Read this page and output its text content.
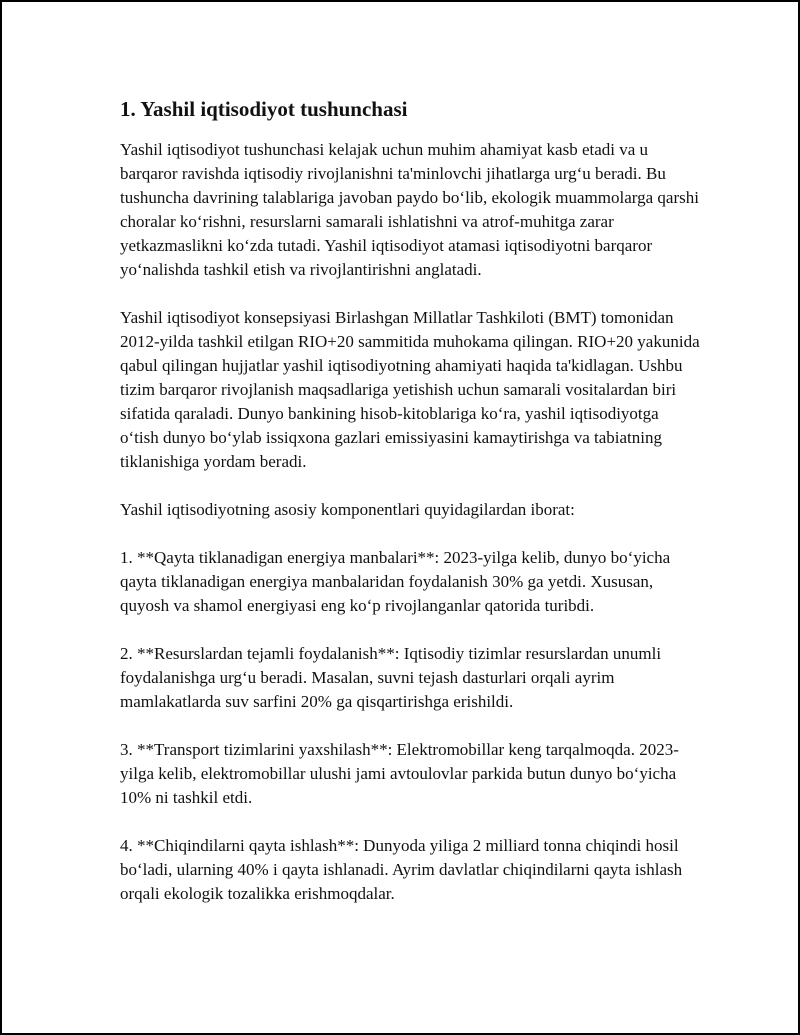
1. Yashil iqtisodiyot tushunchasi

Yashil iqtisodiyot tushunchasi kelajak uchun muhim ahamiyat kasb etadi va u barqaror ravishda iqtisodiy rivojlanishni ta'minlovchi jihatlarga urg‘u beradi. Bu tushuncha davrining talablariga javoban paydo bo‘lib, ekologik muammolarga qarshi choralar ko‘rishni, resurslarni samarali ishlatishni va atrof-muhitga zarar yetkazmaslikni ko‘zda tutadi. Yashil iqtisodiyot atamasi iqtisodiyotni barqaror yo‘nalishda tashkil etish va rivojlantirishni anglatadi.

Yashil iqtisodiyot konsepsiyasi Birlashgan Millatlar Tashkiloti (BMT) tomonidan 2012-yilda tashkil etilgan RIO+20 sammitida muhokama qilingan. RIO+20 yakunida qabul qilingan hujjatlar yashil iqtisodiyotning ahamiyati haqida ta'kidlagan. Ushbu tizim barqaror rivojlanish maqsadlariga yetishish uchun samarali vositalardan biri sifatida qaraladi. Dunyo bankining hisob-kitoblariga ko‘ra, yashil iqtisodiyotga o‘tish dunyo bo‘ylab issiqxona gazlari emissiyasini kamaytirishga va tabiatning tiklanishiga yordam beradi.

Yashil iqtisodiyotning asosiy komponentlari quyidagilardan iborat:

1. **Qayta tiklanadigan energiya manbalari**: 2023-yilga kelib, dunyo bo‘yicha qayta tiklanadigan energiya manbalaridan foydalanish 30% ga yetdi. Xususan, quyosh va shamol energiyasi eng ko‘p rivojlanganlar qatorida turibdi.

2. **Resurslardan tejamli foydalanish**: Iqtisodiy tizimlar resurslardan unumli foydalanishga urg‘u beradi. Masalan, suvni tejash dasturlari orqali ayrim mamlakatlarda suv sarfini 20% ga qisqartirishga erishildi.

3. **Transport tizimlarini yaxshilash**: Elektromobillar keng tarqalmoqda. 2023-yilga kelib, elektromobillar ulushi jami avtoulovlar parkida butun dunyo bo‘yicha 10% ni tashkil etdi.

4. **Chiqindilarni qayta ishlash**: Dunyoda yiliga 2 milliard tonna chiqindi hosil bo‘ladi, ularning 40% i qayta ishlanadi. Ayrim davlatlar chiqindilarni qayta ishlash orqali ekologik tozalikka erishmoqdalar.
